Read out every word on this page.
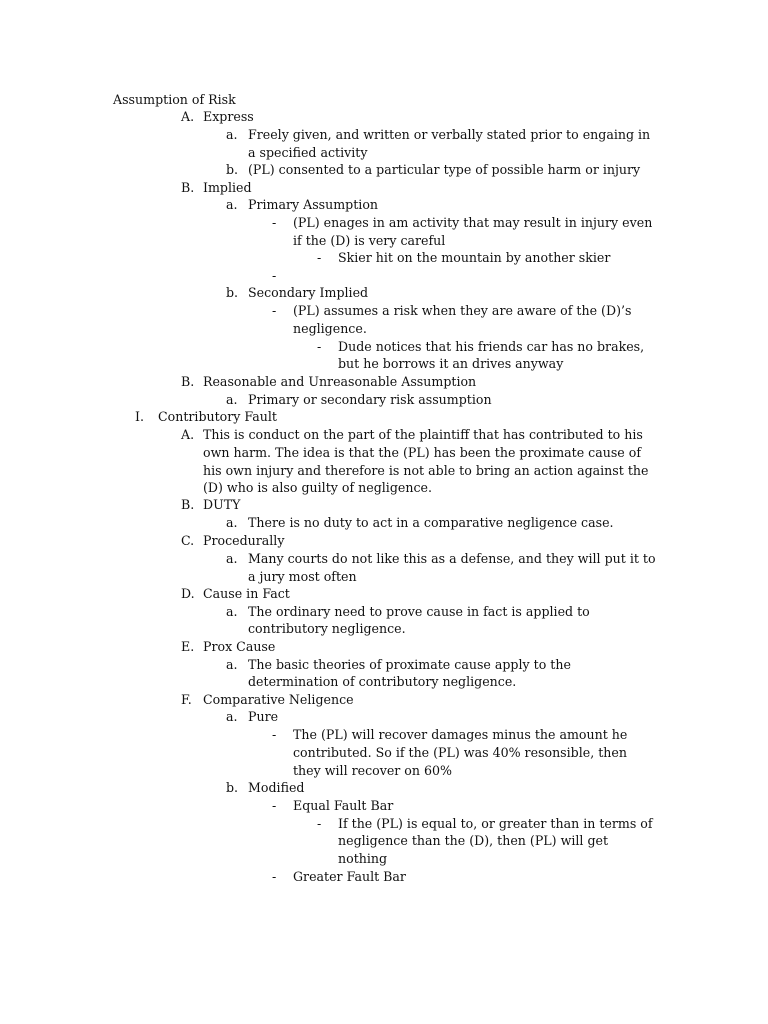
Assumption of Risk
A. Express
a. Freely given, and written or verbally stated prior to engaing in
a specified activity
b. (PL) consented to a particular type of possible harm or injury
B. Implied
a. Primary Assumption
- (PL) enages in am activity that may result in injury even
if the (D) is very careful
- Skier hit on the mountain by another skier
-
b. Secondary Implied
- (PL) assumes a risk when they are aware of the (D)’s
negligence.
- Dude notices that his friends car has no brakes,
but he borrows it an drives anyway
B. Reasonable and Unreasonable Assumption
a. Primary or secondary risk assumption
I. Contributory Fault
A. This is conduct on the part of the plaintiff that has contributed to his
own harm. The idea is that the (PL) has been the proximate cause of
his own injury and therefore is not able to bring an action against the
(D) who is also guilty of negligence.
B. DUTY
a. There is no duty to act in a comparative negligence case.
C. Procedurally
a. Many courts do not like this as a defense, and they will put it to
a jury most often
D. Cause in Fact
a. The ordinary need to prove cause in fact is applied to
contributory negligence.
E. Prox Cause
a. The basic theories of proximate cause apply to the
determination of contributory negligence.
F. Comparative Neligence
a. Pure
- The (PL) will recover damages minus the amount he
contributed. So if the (PL) was 40% resonsible, then
they will recover on 60%
b. Modified
- Equal Fault Bar
- If the (PL) is equal to, or greater than in terms of
negligence than the (D), then (PL) will get
nothing
- Greater Fault Bar
